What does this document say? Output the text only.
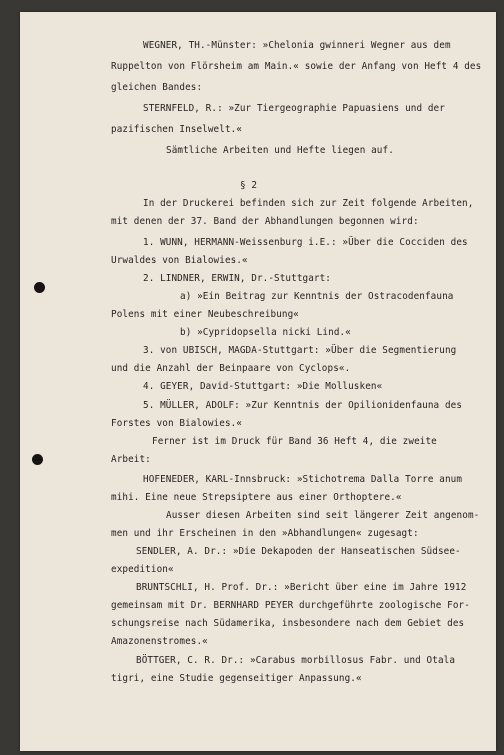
WEGNER, TH.-Münster: »Chelonia gwinneri Wegner aus dem
Ruppelton von Flörsheim am Main.« sowie der Anfang von Heft 4 des
gleichen Bandes:
STERNFELD, R.: »Zur Tiergeographie Papuasiens und der
pazifischen Inselwelt.«
Sämtliche Arbeiten und Hefte liegen auf.
§ 2
In der Druckerei befinden sich zur Zeit folgende Arbeiten,
mit denen der 37. Band der Abhandlungen begonnen wird:
1. WUNN, HERMANN-Weissenburg i.E.: »Über die Cocciden des
Urwaldes von Bialowies.«
2. LINDNER, ERWIN, Dr.-Stuttgart:
a) »Ein Beitrag zur Kenntnis der Ostracodenfauna
Polens mit einer Neubeschreibung«
b) »Cypridopsella nicki Lind.«
3. von UBISCH, MAGDA-Stuttgart: »Über die Segmentierung
und die Anzahl der Beinpaare von Cyclops«.
4. GEYER, David-Stuttgart: »Die Mollusken«
5. MÜLLER, ADOLF: »Zur Kenntnis der Opilionidenfauna des
Forstes von Bialowies.«
Ferner ist im Druck für Band 36 Heft 4, die zweite
Arbeit:
HOFENEDER, KARL-Innsbruck: »Stichotrema Dalla Torre anum
mihi. Eine neue Strepsiptere aus einer Orthoptere.«
Ausser diesen Arbeiten sind seit längerer Zeit angenom-
men und ihr Erscheinen in den »Abhandlungen« zugesagt:
SENDLER, A. Dr.: »Die Dekapoden der Hanseatischen Südsee-
expedition«
BRUNTSCHLI, H. Prof. Dr.: »Bericht über eine im Jahre 1912
gemeinsam mit Dr. BERNHARD PEYER durchgeführte zoologische For-
schungsreise nach Südamerika, insbesondere nach dem Gebiet des
Amazonenstromes.«
BÖTTGER, C. R. Dr.: »Carabus morbillosus Fabr. und Otala
tigri, eine Studie gegenseitiger Anpassung.«
